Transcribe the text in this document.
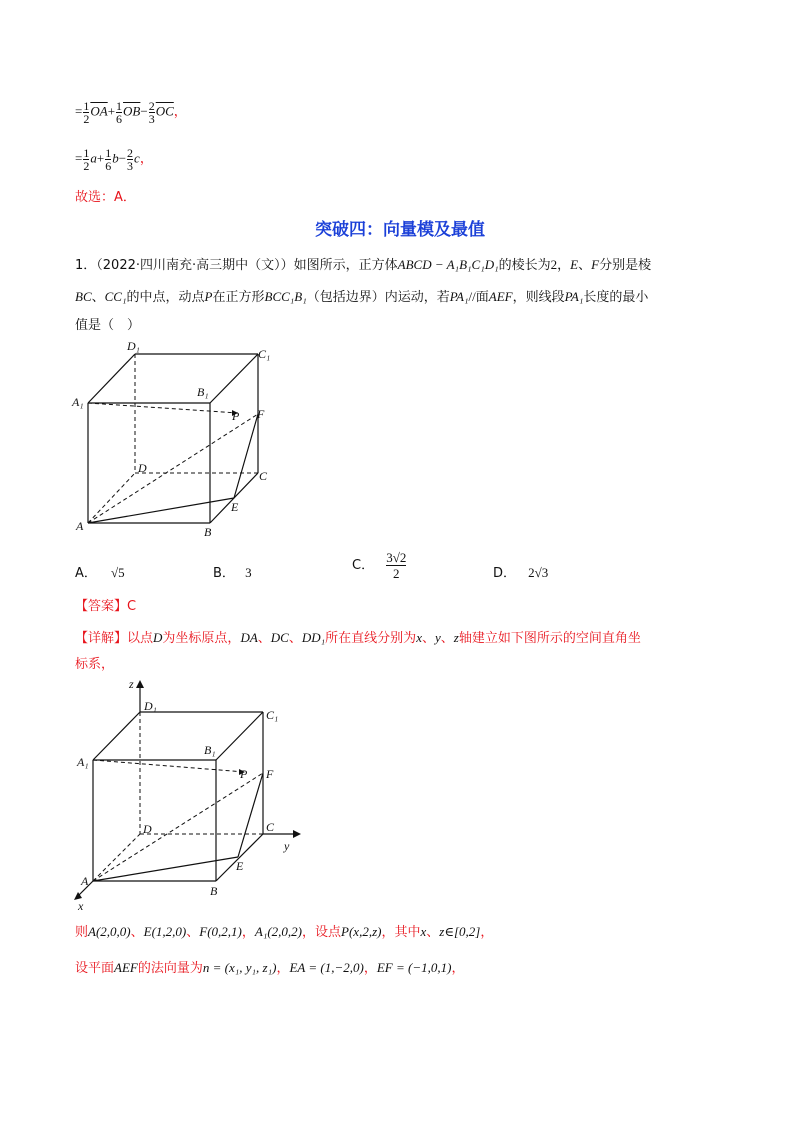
= $\frac{1}{2} \overline{OA}+ \frac{1}{6} \overline{OB}- \frac{2}{3} \overline{OC}$，
= $\frac{1}{2} a+ \frac{1}{6} b- \frac{2}{3}$ c，
故选：A．
突破四：向量模及最值
1．（2022·四川南充·高三期中（文））如图所示，正方体ABCD − A₁B₁C₁D₁的棱长为2，E、F分别是棱
BC、CC₁的中点，动点P在正方形BCC₁B₁（包括边界）内运动，若PA₁//面AEF，则线段PA₁长度的最小
值是（　）
D₁
C₁
B₁
A₁
P F
D
C
E
A	B
A． √5	B． 3	C． $\frac{3√2}{2}$	D． 2√3
【答案】C
【详解】以点D为坐标原点，DA、DC、DD₁所在直线分别为x、y、z轴建立如下图所示的空间直角坐
标系，
z
D₁
C₁
B₁
A₁
P F
D	C
y
E
A
B
x
则A(2,0,0)、E(1,2,0)、F(0,2,1)，A₁(2,0,2)，设点P(x,2,z)，其中x、z∈[0,2]，
设平面AEF的法向量为n = (x₁, y₁, z₁)，EA = (1,−2,0)，EF = (−1,0,1)，
